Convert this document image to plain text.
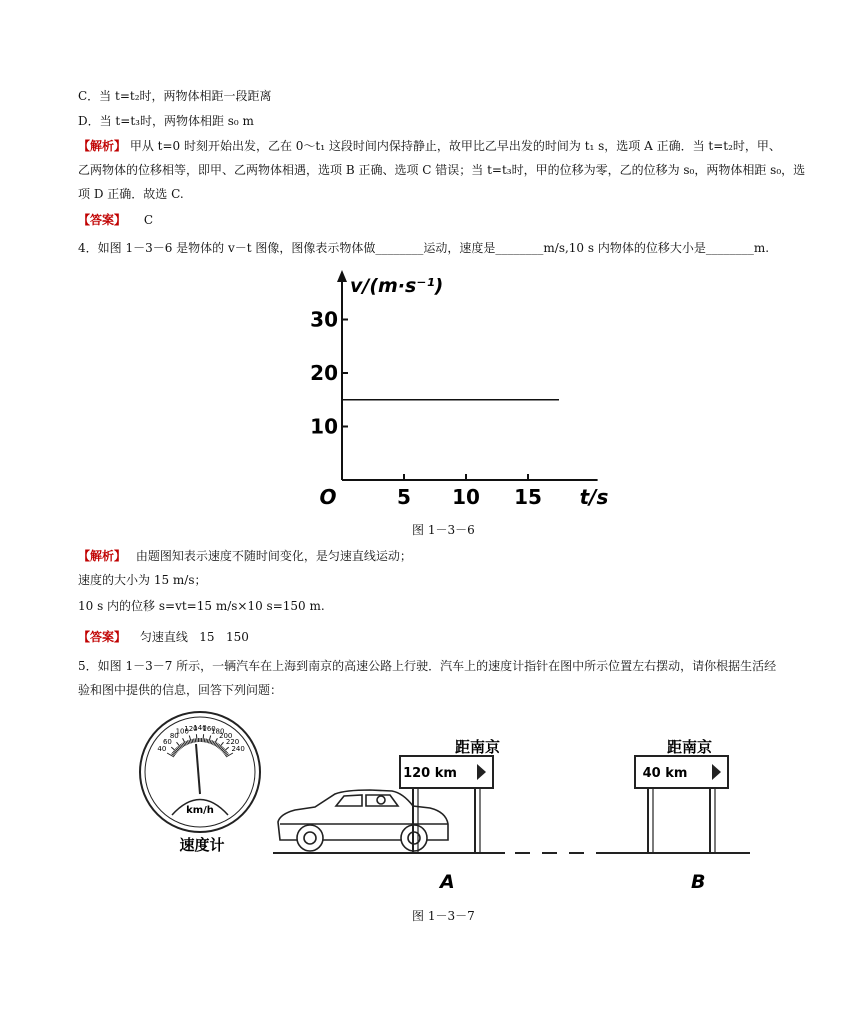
C．当 t=t₂时，两物体相距一段距离
D．当 t=t₃时，两物体相距 s₀ m
【解析】 甲从 t=0 时刻开始出发，乙在 0～t₁ 这段时间内保持静止，故甲比乙早出发的时间为 t₁ s，选项 A 正确．当 t=t₂时，甲、
乙两物体的位移相等，即甲、乙两物体相遇，选项 B 正确、选项 C 错误；当 t=t₃时，甲的位移为零，乙的位移为 s₀，两物体相距 s₀，选
项 D 正确．故选 C.
【答案】 C
4．如图 1－3－6 是物体的 v－t 图像，图像表示物体做________运动，速度是________m/s,10 s 内物体的位移大小是________m.
5 10 15
10
20
30
O	t/s
v/(m·s⁻¹)
图 1－3－6
【解析】 由题图知表示速度不随时间变化，是匀速直线运动；
速度的大小为 15 m/s；
10 s 内的位移 s=vt=15 m/s×10 s=150 m.
【答案】 匀速直线   15   150
5．如图 1－3－7 所示，一辆汽车在上海到南京的高速公路上行驶．汽车上的速度计指针在图中所示位置左右摆动，请你根据生活经
验和图中提供的信息，回答下列问题：
40
60
80
100
120
140
160
180
200
220
240
km/h
速度计
距南京
120 km
距南京
40 km
A	B
图 1－3－7
